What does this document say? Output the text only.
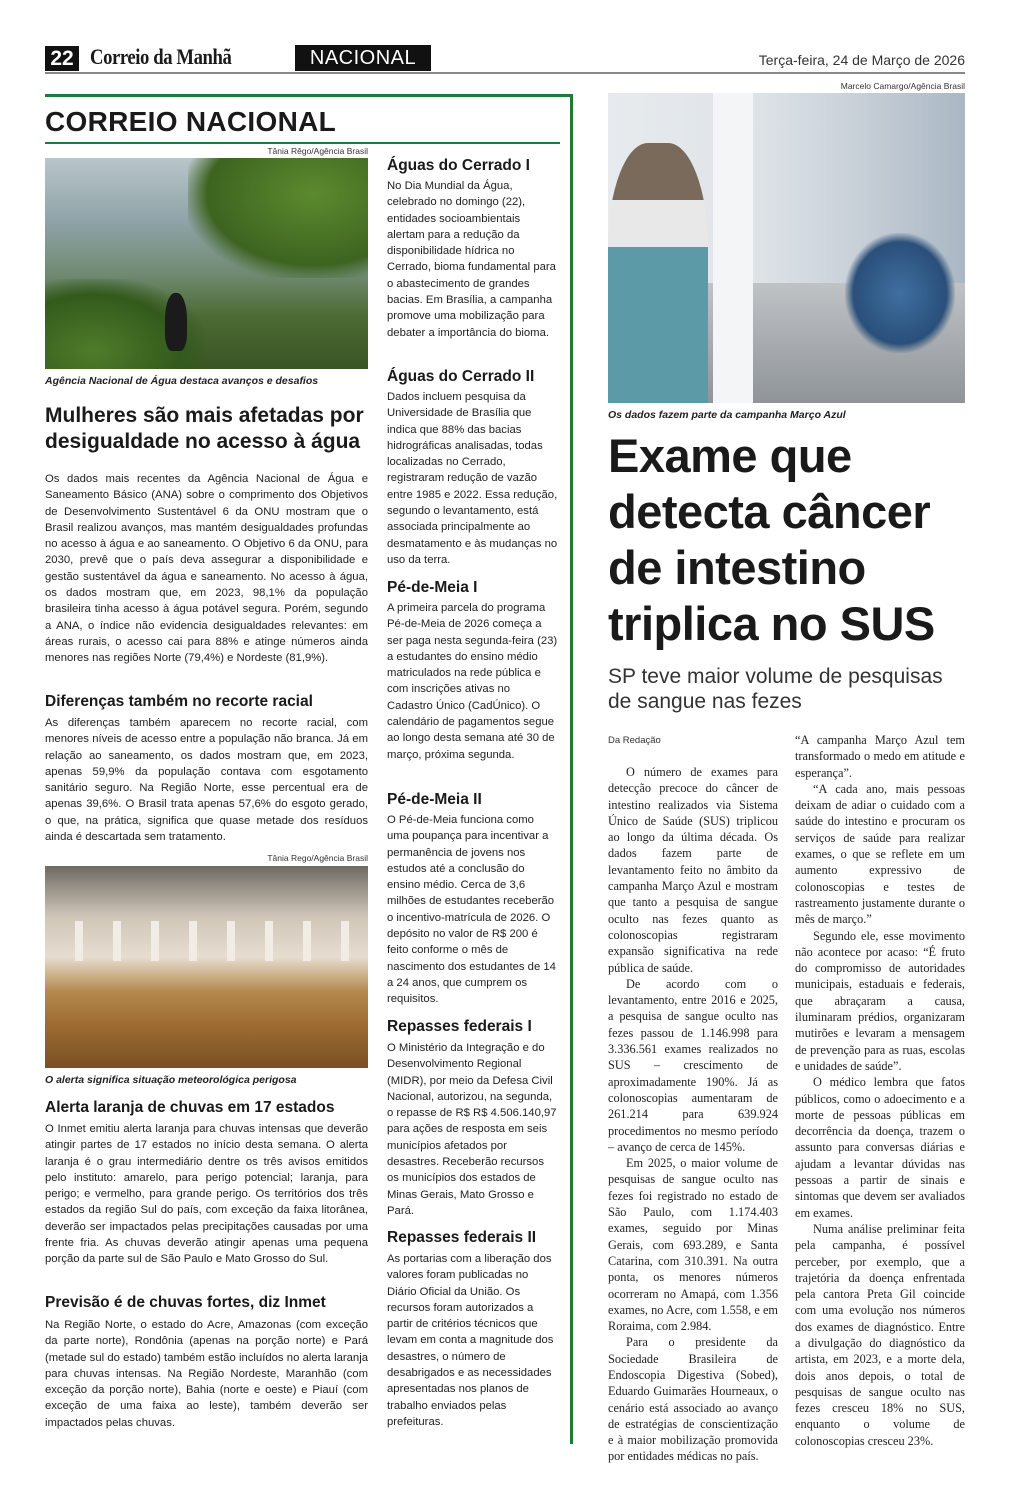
22 Correio da Manhã	NACIONAL	Terça-feira, 24 de Março de 2026
CORREIO NACIONAL
Tânia Rêgo/Agência Brasil
Agência Nacional de Água destaca avanços e desafios
Mulheres são mais afetadas por desigualdade no acesso à água
Os dados mais recentes da Agência Nacional de Água e Saneamento Básico (ANA) sobre o comprimento dos Objetivos de Desenvolvimento Sustentável 6 da ONU mostram que o Brasil realizou avanços, mas mantém desigualdades profundas no acesso à água e ao saneamento. O Objetivo 6 da ONU, para 2030, prevê que o país deva assegurar a disponibilidade e gestão sustentável da água e saneamento. No acesso à água, os dados mostram que, em 2023, 98,1% da população brasileira tinha acesso à água potável segura. Porém, segundo a ANA, o índice não evidencia desigualdades relevantes: em áreas rurais, o acesso cai para 88% e atinge números ainda menores nas regiões Norte (79,4%) e Nordeste (81,9%).
Diferenças também no recorte racial
As diferenças também aparecem no recorte racial, com menores níveis de acesso entre a população não branca. Já em relação ao saneamento, os dados mostram que, em 2023, apenas 59,9% da população contava com esgotamento sanitário seguro. Na Região Norte, esse percentual era de apenas 39,6%. O Brasil trata apenas 57,6% do esgoto gerado, o que, na prática, significa que quase metade dos resíduos ainda é descartada sem tratamento.
Tânia Rego/Agência Brasil
O alerta significa situação meteorológica perigosa
Alerta laranja de chuvas em 17 estados
O Inmet emitiu alerta laranja para chuvas intensas que deverão atingir partes de 17 estados no início desta semana. O alerta laranja é o grau intermediário dentre os três avisos emitidos pelo instituto: amarelo, para perigo potencial; laranja, para perigo; e vermelho, para grande perigo. Os territórios dos três estados da região Sul do país, com exceção da faixa litorânea, deverão ser impactados pelas precipitações causadas por uma frente fria. As chuvas deverão atingir apenas uma pequena porção da parte sul de São Paulo e Mato Grosso do Sul.
Previsão é de chuvas fortes, diz Inmet
Na Região Norte, o estado do Acre, Amazonas (com exceção da parte norte), Rondônia (apenas na porção norte) e Pará (metade sul do estado) também estão incluídos no alerta laranja para chuvas intensas. Na Região Nordeste, Maranhão (com exceção da porção norte), Bahia (norte e oeste) e Piauí (com exceção de uma faixa ao leste), também deverão ser impactados pelas chuvas.
Águas do Cerrado I
No Dia Mundial da Água, celebrado no domingo (22), entidades socioambientais alertam para a redução da disponibilidade hídrica no Cerrado, bioma fundamental para o abastecimento de grandes bacias. Em Brasília, a campanha promove uma mobilização para debater a importância do bioma.
Águas do Cerrado II
Dados incluem pesquisa da Universidade de Brasília que indica que 88% das bacias hidrográficas analisadas, todas localizadas no Cerrado, registraram redução de vazão entre 1985 e 2022. Essa redução, segundo o levantamento, está associada principalmente ao desmatamento e às mudanças no uso da terra.
Pé-de-Meia I
A primeira parcela do programa Pé-de-Meia de 2026 começa a ser paga nesta segunda-feira (23) a estudantes do ensino médio matriculados na rede pública e com inscrições ativas no Cadastro Único (CadÚnico). O calendário de pagamentos segue ao longo desta semana até 30 de março, próxima segunda.
Pé-de-Meia II
O Pé-de-Meia funciona como uma poupança para incentivar a permanência de jovens nos estudos até a conclusão do ensino médio. Cerca de 3,6 milhões de estudantes receberão o incentivo-matrícula de 2026. O depósito no valor de R$ 200 é feito conforme o mês de nascimento dos estudantes de 14 a 24 anos, que cumprem os requisitos.
Repasses federais I
O Ministério da Integração e do Desenvolvimento Regional (MIDR), por meio da Defesa Civil Nacional, autorizou, na segunda, o repasse de R$ R$ 4.506.140,97 para ações de resposta em seis municípios afetados por desastres. Receberão recursos os municípios dos estados de Minas Gerais, Mato Grosso e Pará.
Repasses federais II
As portarias com a liberação dos valores foram publicadas no Diário Oficial da União. Os recursos foram autorizados a partir de critérios técnicos que levam em conta a magnitude dos desastres, o número de desabrigados e as necessidades apresentadas nos planos de trabalho enviados pelas prefeituras.
Marcelo Camargo/Agência Brasil
Os dados fazem parte da campanha Março Azul
Exame que
detecta câncer
de intestino
triplica no SUS
SP teve maior volume de pesquisas de sangue nas fezes
Da Redação

O número de exames para detecção precoce do câncer de intestino realizados via Sistema Único de Saúde (SUS) triplicou ao longo da última década. Os dados fazem parte de levantamento feito no âmbito da campanha Março Azul e mostram que tanto a pesquisa de sangue oculto nas fezes quanto as colonoscopias registraram expansão significativa na rede pública de saúde.

De acordo com o levantamento, entre 2016 e 2025, a pesquisa de sangue oculto nas fezes passou de 1.146.998 para 3.336.561 exames realizados no SUS – crescimento de aproximadamente 190%. Já as colonoscopias aumentaram de 261.214 para 639.924 procedimentos no mesmo período – avanço de cerca de 145%.

Em 2025, o maior volume de pesquisas de sangue oculto nas fezes foi registrado no estado de São Paulo, com 1.174.403 exames, seguido por Minas Gerais, com 693.289, e Santa Catarina, com 310.391. Na outra ponta, os menores números ocorreram no Amapá, com 1.356 exames, no Acre, com 1.558, e em Roraima, com 2.984.

Para o presidente da Sociedade Brasileira de Endoscopia Digestiva (Sobed), Eduardo Guimarães Hourneaux, o cenário está associado ao avanço de estratégias de conscientização e à maior mobilização promovida por entidades médicas no país.

“A campanha Março Azul tem transformado o medo em atitude e esperança”.

“A cada ano, mais pessoas deixam de adiar o cuidado com a saúde do intestino e procuram os serviços de saúde para realizar exames, o que se reflete em um aumento expressivo de colonoscopias e testes de rastreamento justamente durante o mês de março.”

Segundo ele, esse movimento não acontece por acaso: “É fruto do compromisso de autoridades municipais, estaduais e federais, que abraçaram a causa, iluminaram prédios, organizaram mutirões e levaram a mensagem de prevenção para as ruas, escolas e unidades de saúde”.

O médico lembra que fatos públicos, como o adoecimento e a morte de pessoas públicas em decorrência da doença, trazem o assunto para conversas diárias e ajudam a levantar dúvidas nas pessoas a partir de sinais e sintomas que devem ser avaliados em exames.

Numa análise preliminar feita pela campanha, é possível perceber, por exemplo, que a trajetória da doença enfrentada pela cantora Preta Gil coincide com uma evolução nos números dos exames de diagnóstico. Entre a divulgação do diagnóstico da artista, em 2023, e a morte dela, dois anos depois, o total de pesquisas de sangue oculto nas fezes cresceu 18% no SUS, enquanto o volume de colonoscopias cresceu 23%.
